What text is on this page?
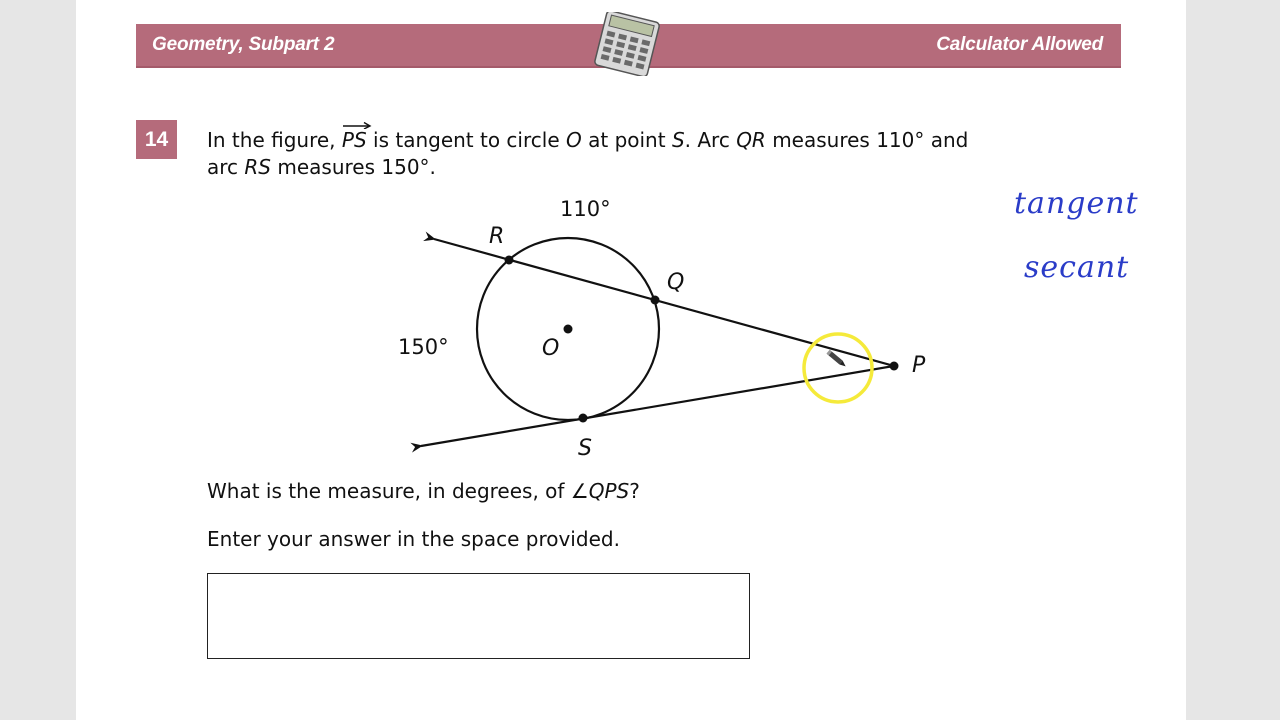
Geometry, Subpart 2	Calculator Allowed
14	In the figure, PS is tangent to circle O at point S. Arc QR measures 110° and
arc RS measures 150°.
110°
150°
R
Q
O
S
P
What is the measure, in degrees, of ∠QPS?
Enter your answer in the space provided.
tangent
secant
